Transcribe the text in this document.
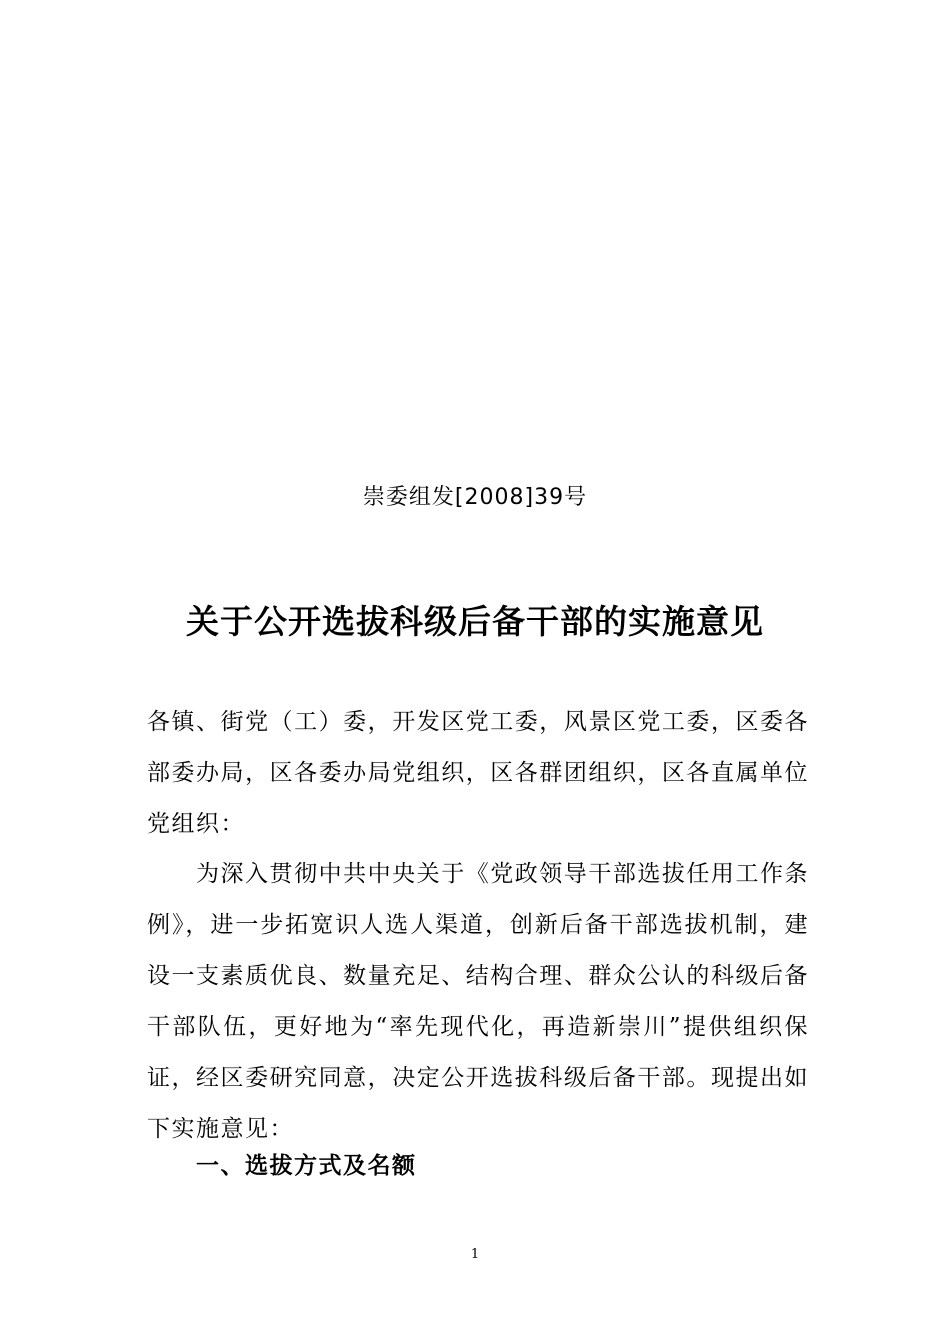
崇委组发[2008]39号
关于公开选拔科级后备干部的实施意见
各镇、街党（工）委，开发区党工委，风景区党工委，区委各部委办局，区各委办局党组织，区各群团组织，区各直属单位党组织：
为深入贯彻中共中央关于《党政领导干部选拔任用工作条例》，进一步拓宽识人选人渠道，创新后备干部选拔机制，建设一支素质优良、数量充足、结构合理、群众公认的科级后备干部队伍，更好地为“率先现代化，再造新崇川”提供组织保证，经区委研究同意，决定公开选拔科级后备干部。现提出如下实施意见：
一、选拔方式及名额
1
